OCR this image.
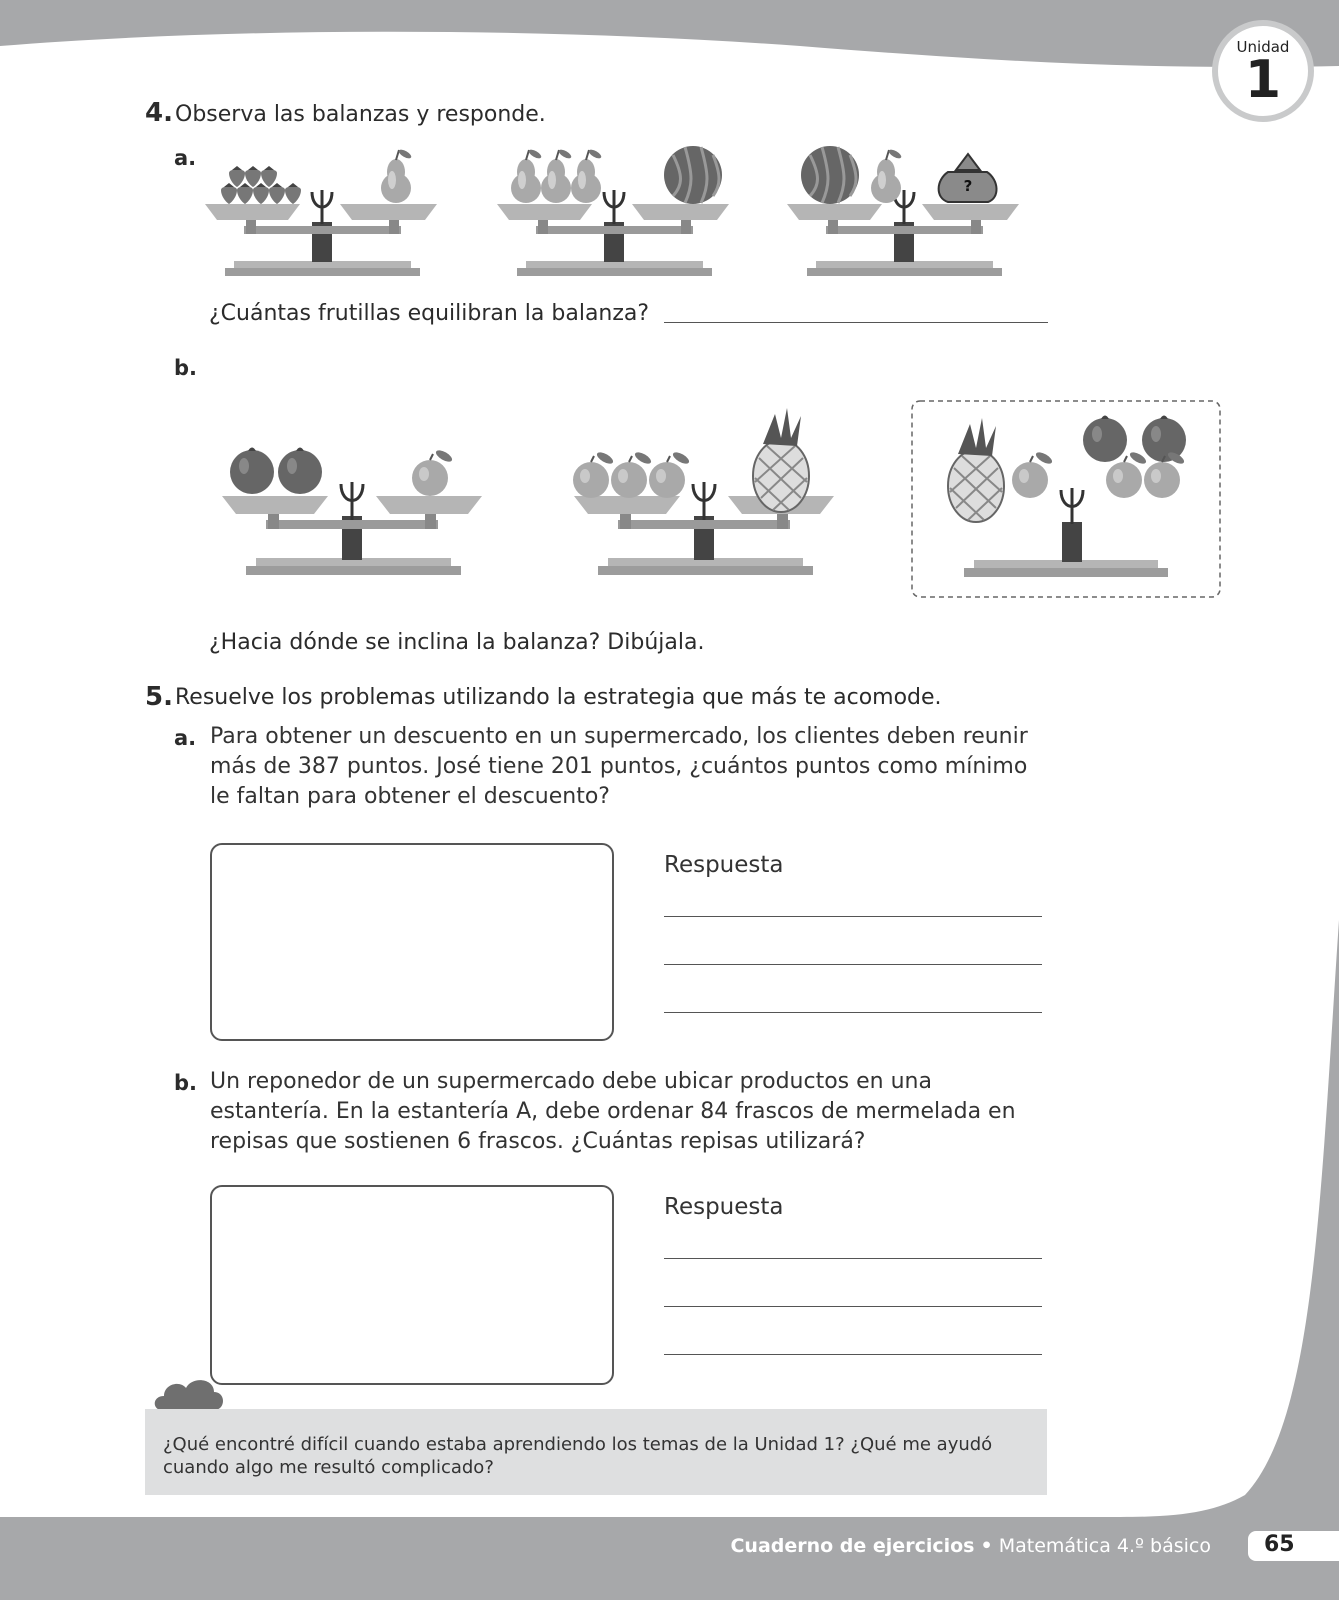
Unidad
1
4. Observa las balanzas y responde.
a.
?
¿Cuántas frutillas equilibran la balanza?
b.
¿Hacia dónde se inclina la balanza? Dibújala.
5. Resuelve los problemas utilizando la estrategia que más te acomode.
a. Para obtener un descuento en un supermercado, los clientes deben reunir
más de 387 puntos. José tiene 201 puntos, ¿cuántos puntos como mínimo
le faltan para obtener el descuento?
Respuesta
b. Un reponedor de un supermercado debe ubicar productos en una
estantería. En la estantería A, debe ordenar 84 frascos de mermelada en
repisas que sostienen 6 frascos. ¿Cuántas repisas utilizará?
Respuesta
¿Qué encontré difícil cuando estaba aprendiendo los temas de la Unidad 1? ¿Qué me ayudó
cuando algo me resultó complicado?
Cuaderno de ejercicios • Matemática 4.º básico 65
